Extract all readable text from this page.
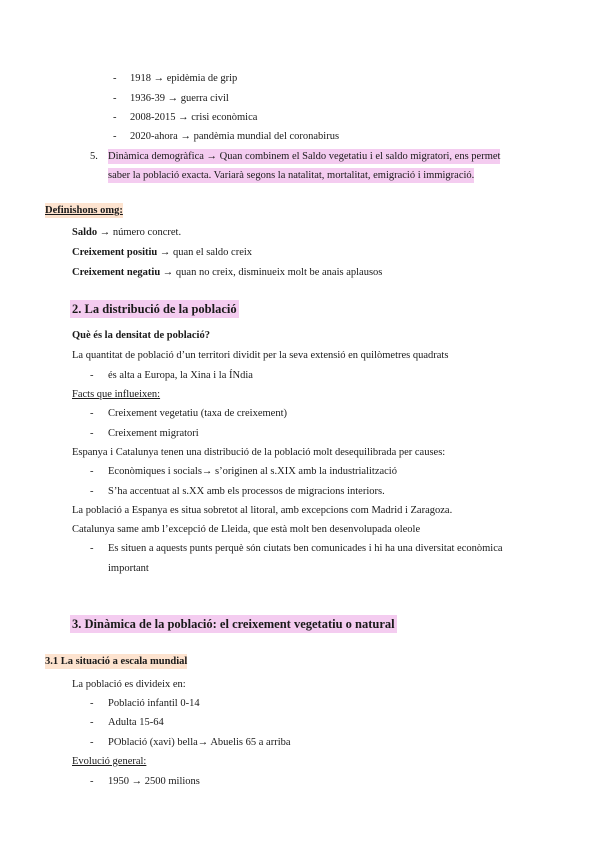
- 1918 → epidèmia de grip
- 1936-39 → guerra civil
- 2008-2015 → crisi econòmica
- 2020-ahora → pandèmia mundial del coronabirus
5. Dinàmica demogràfica → Quan combinem el Saldo vegetatiu i el saldo migratori, ens permet
saber la població exacta. Variarà segons la natalitat, mortalitat, emigració i immigració.
Definishons omg:
Saldo → número concret.
Creixement positiu → quan el saldo creix
Creixement negatiu → quan no creix, disminueix molt be anais aplausos
2. La distribució de la població
Què és la densitat de població?
La quantitat de població d’un territori dividit per la seva extensió en quilòmetres quadrats
- és alta a Europa, la Xina i la ÍNdia
Facts que influeixen:
- Creixement vegetatiu (taxa de creixement)
- Creixement migratori
Espanya i Catalunya tenen una distribució de la població molt desequilibrada per causes:
- Econòmiques i socials→ s’originen al s.XIX amb la industrialització
- S’ha accentuat al s.XX amb els processos de migracions interiors.
La població a Espanya es situa sobretot al litoral, amb excepcions com Madrid i Zaragoza.
Catalunya same amb l’excepció de Lleida, que està molt ben desenvolupada oleole
- Es situen a aquests punts perquè són ciutats ben comunicades i hi ha una diversitat econòmica
important
3. Dinàmica de la població: el creixement vegetatiu o natural
3.1 La situació a escala mundial
La població es divideix en:
- Població infantil 0-14
- Adulta 15-64
- POblació (xavi) bella→ Abuelis 65 a arriba
Evolució general:
- 1950 → 2500 milions
